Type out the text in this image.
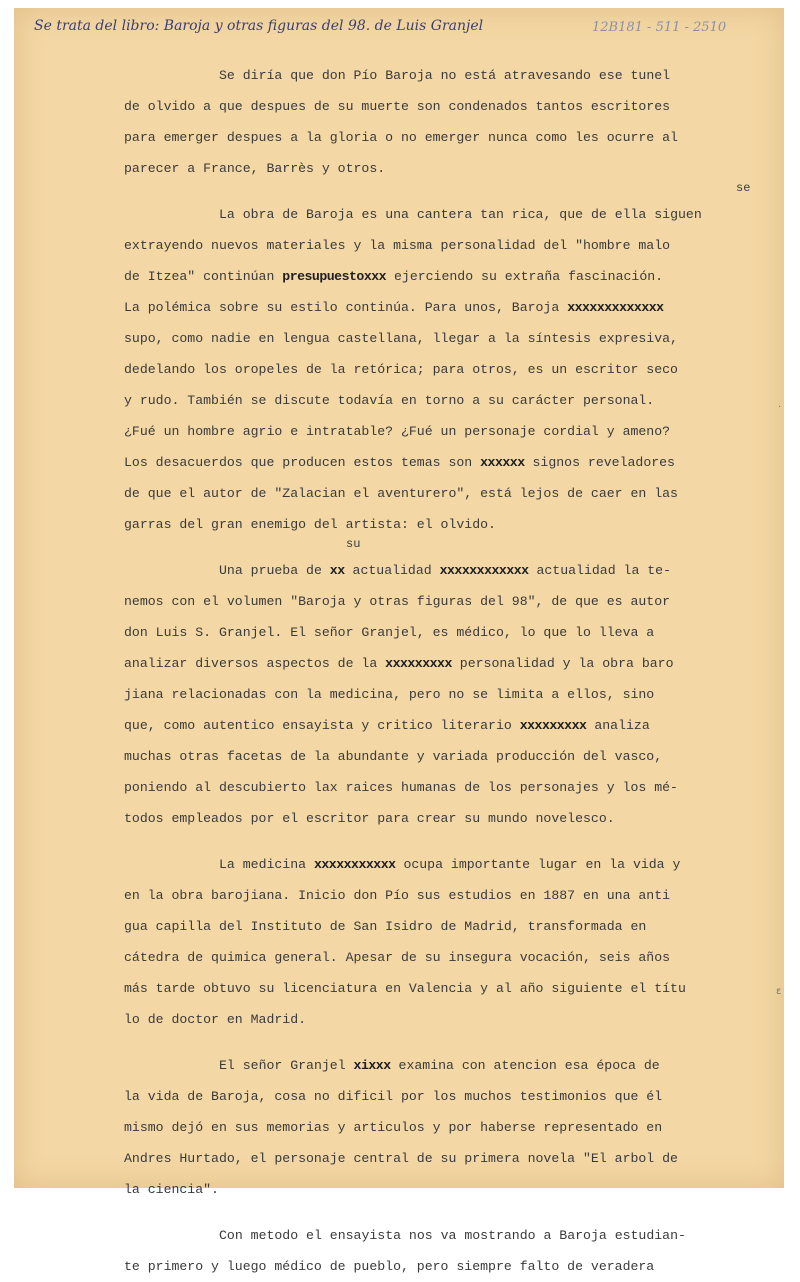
Se trata del libro: Baroja y otras figuras del 98. de Luis Granjel	12B181 - 511 - 2510
Se diría que don Pío Baroja no está atravesando ese tunel
de olvido a que despues de su muerte son condenados tantos escritores
para emerger despues a la gloria o no emerger nunca como les ocurre al
parecer a France, Barrès y otros.
se
La obra de Baroja es una cantera tan rica, que de ella siguen
extrayendo nuevos materiales y la misma personalidad del "hombre malo
de Itzea" continúan presupuestoxxx ejerciendo su extraña fascinación.
La polémica sobre su estilo continúa. Para unos, Baroja xxxxxxxxxxxxx
supo, como nadie en lengua castellana, llegar a la síntesis expresiva,
dedelando los oropeles de la retórica; para otros, es un escritor seco
y rudo. También se discute todavía en torno a su carácter personal.
¿Fué un hombre agrio e intratable? ¿Fué un personaje cordial y ameno?
Los desacuerdos que producen estos temas son xxxxxx signos reveladores
de que el autor de "Zalacian el aventurero", está lejos de caer en las
garras del gran enemigo del artista: el olvido.
su
Una prueba de xx actualidad xxxxxxxxxxxx actualidad la te-
nemos con el volumen "Baroja y otras figuras del 98", de que es autor
don Luis S. Granjel. El señor Granjel, es médico, lo que lo lleva a
analizar diversos aspectos de la xxxxxxxxx personalidad y la obra baro
jiana relacionadas con la medicina, pero no se limita a ellos, sino
que, como autentico ensayista y critico literario xxxxxxxxx analiza
muchas otras facetas de la abundante y variada producción del vasco,
poniendo al descubierto lax raices humanas de los personajes y los mé-
todos empleados por el escritor para crear su mundo novelesco.
La medicina xxxxxxxxxxx ocupa importante lugar en la vida y
en la obra barojiana. Inicio don Pío sus estudios en 1887 en una anti
gua capilla del Instituto de San Isidro de Madrid, transformada en
cátedra de quimica general. Apesar de su insegura vocación, seis años
más tarde obtuvo su licenciatura en Valencia y al año siguiente el títu
lo de doctor en Madrid.
El señor Granjel xixxx examina con atencion esa época de
la vida de Baroja, cosa no dificil por los muchos testimonios que él
mismo dejó en sus memorias y articulos y por haberse representado en
Andres Hurtado, el personaje central de su primera novela "El arbol de
la ciencia".
Con metodo el ensayista nos va mostrando a Baroja estudian-
te primero y luego médico de pueblo, pero siempre falto de veradera
·
ε
